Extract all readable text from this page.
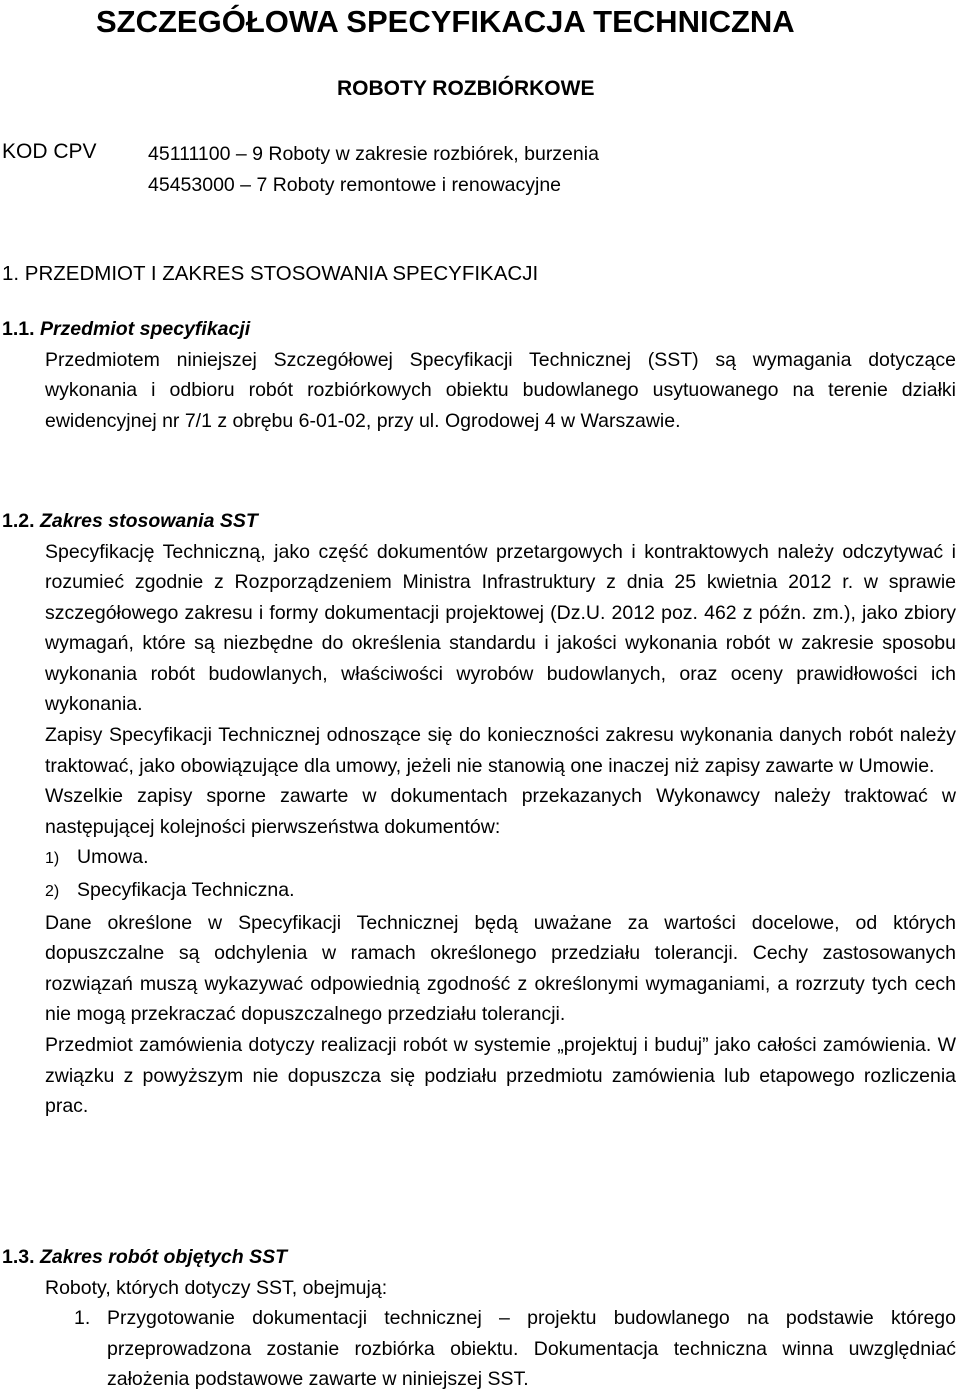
SZCZEGÓŁOWA SPECYFIKACJA TECHNICZNA
ROBOTY ROZBIÓRKOWE
KOD CPV	45111100 – 9 Roboty w zakresie rozbiórek, burzenia
45453000 – 7 Roboty remontowe i renowacyjne
1. PRZEDMIOT I ZAKRES STOSOWANIA SPECYFIKACJI
1.1. Przedmiot specyfikacji
Przedmiotem niniejszej Szczegółowej Specyfikacji Technicznej (SST) są wymagania dotyczące wykonania i odbioru robót rozbiórkowych obiektu budowlanego usytuowanego na terenie działki ewidencyjnej nr 7/1 z obrębu 6-01-02, przy ul. Ogrodowej 4 w Warszawie.
1.2. Zakres stosowania SST
Specyfikację Techniczną, jako część dokumentów przetargowych i kontraktowych należy odczytywać i rozumieć zgodnie z Rozporządzeniem Ministra Infrastruktury z dnia 25 kwietnia 2012 r. w sprawie szczegółowego zakresu i formy dokumentacji projektowej (Dz.U. 2012 poz. 462 z późn. zm.), jako zbiory wymagań, które są niezbędne do określenia standardu i jakości wykonania robót w zakresie sposobu wykonania robót budowlanych, właściwości wyrobów budowlanych, oraz oceny prawidłowości ich wykonania.
Zapisy Specyfikacji Technicznej odnoszące się do konieczności zakresu wykonania danych robót należy traktować, jako obowiązujące dla umowy, jeżeli nie stanowią one inaczej niż zapisy zawarte w Umowie.
Wszelkie zapisy sporne zawarte w dokumentach przekazanych Wykonawcy należy traktować w następującej kolejności pierwszeństwa dokumentów:
1) Umowa.
2) Specyfikacja Techniczna.
Dane określone w Specyfikacji Technicznej będą uważane za wartości docelowe, od których dopuszczalne są odchylenia w ramach określonego przedziału tolerancji. Cechy zastosowanych rozwiązań muszą wykazywać odpowiednią zgodność z określonymi wymaganiami, a rozrzuty tych cech nie mogą przekraczać dopuszczalnego przedziału tolerancji.
Przedmiot zamówienia dotyczy realizacji robót w systemie „projektuj i buduj” jako całości zamówienia. W związku z powyższym nie dopuszcza się podziału przedmiotu zamówienia lub etapowego rozliczenia prac.
1.3. Zakres robót objętych SST
Roboty, których dotyczy SST, obejmują:
1. Przygotowanie dokumentacji technicznej – projektu budowlanego na podstawie którego przeprowadzona zostanie rozbiórka obiektu. Dokumentacja techniczna winna uwzględniać założenia podstawowe zawarte w niniejszej SST.
